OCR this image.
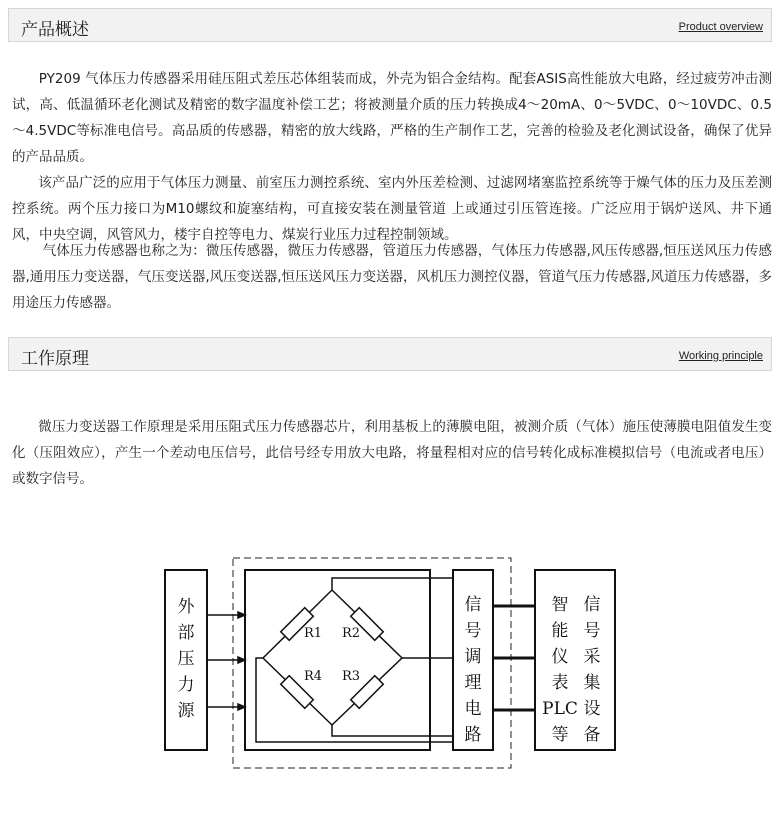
产品概述	Product overview

PY209 气体压力传感器采用硅压阻式差压芯体组装而成，外壳为铝合金结构。配套ASIS高性能放大电路，经过疲劳冲击测试，高、低温循环老化测试及精密的数字温度补偿工艺；将被测量介质的压力转换成4～20mA、0～5VDC、0～10VDC、0.5～4.5VDC等标准电信号。高品质的传感器，精密的放大线路，严格的生产制作工艺，完善的检验及老化测试设备，确保了优异的产品品质。

该产品广泛的应用于气体压力测量、前室压力测控系统、室内外压差检测、过滤网堵塞监控系统等于燥气体的压力及压差测控系统。两个压力接口为M10螺纹和旋塞结构，可直接安装在测量管道 上或通过引压管连接。广泛应用于锅炉送风、井下通风，中央空调，风管风力，楼宇自控等电力、煤炭行业压力过程控制领域。

气体压力传感器也称之为：微压传感器，微压力传感器，管道压力传感器，气体压力传感器,风压传感器,恒压送风压力传感器,通用压力变送器，气压变送器,风压变送器,恒压送风压力变送器，风机压力测控仪器，管道气压力传感器,风道压力传感器，多用途压力传感器。

工作原理	Working principle

微压力变送器工作原理是采用压阻式压力传感器芯片，利用基板上的薄膜电阻，被测介质（气体）施压使薄膜电阻值发生变化（压阻效应），产生一个差动电压信号，此信号经专用放大电路，将量程相对应的信号转化成标准模拟信号（电流或者电压）或数字信号。

外
部
压
力
源
R1 R2
R4 R3
信
号
调
理
电
路
智
能
仪
表
PLC
等
信
号
采
集
设
备
